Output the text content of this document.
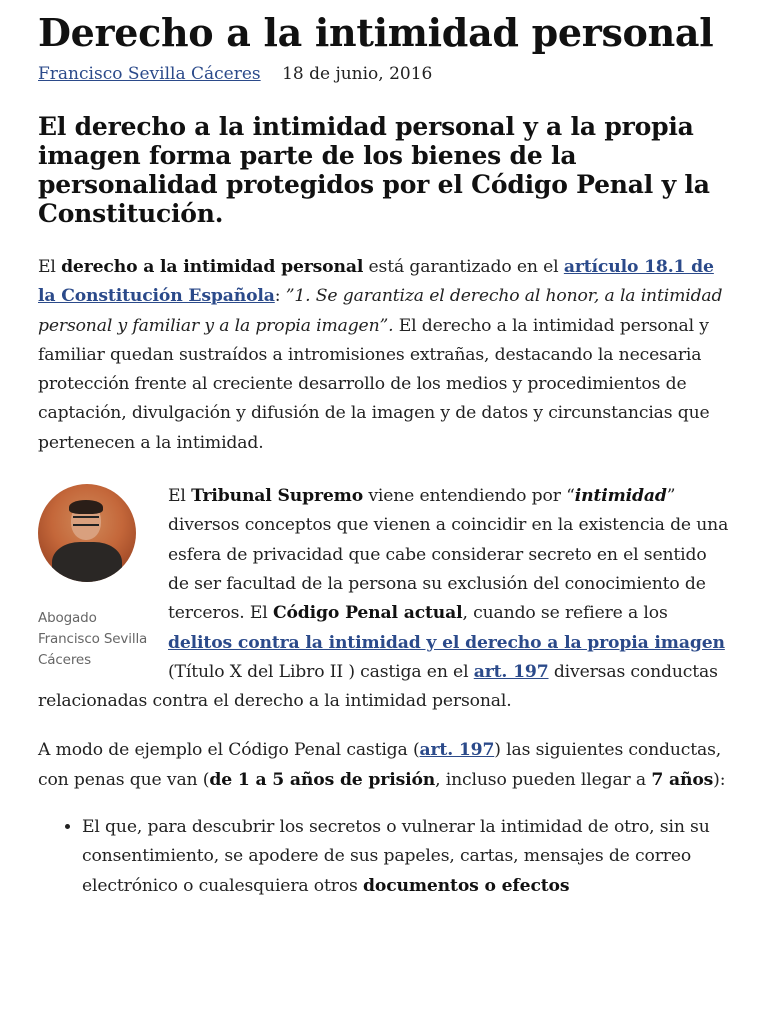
Derecho a la intimidad personal
Francisco Sevilla Cáceres 18 de junio, 2016
El derecho a la intimidad personal y a la propia imagen forma parte de los bienes de la personalidad protegidos por el Código Penal y la Constitución.

El derecho a la intimidad personal está garantizado en el artículo 18.1 de la Constitución Española: ”1. Se garantiza el derecho al honor, a la intimidad personal y familiar y a la propia imagen”. El derecho a la intimidad personal y familiar quedan sustraídos a intromisiones extrañas, destacando la necesaria protección frente al creciente desarrollo de los medios y procedimientos de captación, divulgación y difusión de la imagen y de datos y circunstancias que pertenecen a la intimidad.

Abogado Francisco Sevilla Cáceres
El Tribunal Supremo viene entendiendo por “intimidad” diversos conceptos que vienen a coincidir en la existencia de una esfera de privacidad que cabe considerar secreto en el sentido de ser facultad de la persona su exclusión del conocimiento de terceros. El Código Penal actual, cuando se refiere a los delitos contra la intimidad y el derecho a la propia imagen (Título X del Libro II ) castiga en el art. 197 diversas conductas relacionadas contra el derecho a la intimidad personal.

A modo de ejemplo el Código Penal castiga (art. 197) las siguientes conductas, con penas que van (de 1 a 5 años de prisión, incluso pueden llegar a 7 años):

• El que, para descubrir los secretos o vulnerar la intimidad de otro, sin su consentimiento, se apodere de sus papeles, cartas, mensajes de correo electrónico o cualesquiera otros documentos o efectos
